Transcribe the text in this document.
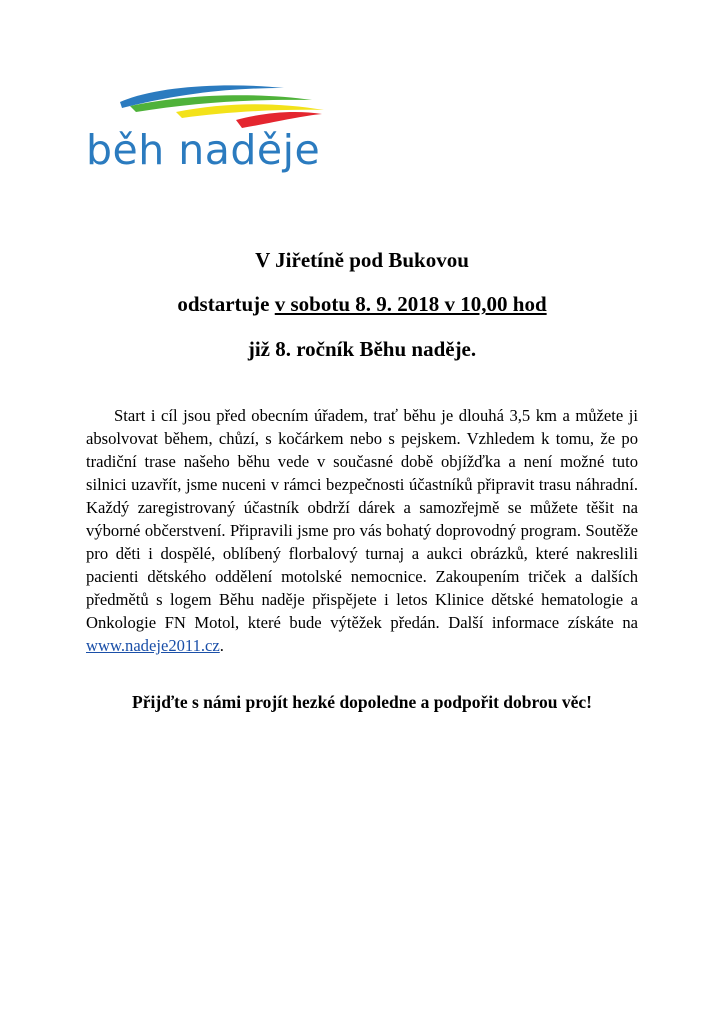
běh naděje
V Jiřetíně pod Bukovou
odstartuje v sobotu 8. 9. 2018 v 10,00 hod
již 8. ročník Běhu naděje.

Start i cíl jsou před obecním úřadem, trať běhu je dlouhá 3,5 km a můžete ji absolvovat během, chůzí, s kočárkem nebo s pejskem. Vzhledem k tomu, že po tradiční trase našeho běhu vede v současné době objížďka a není možné tuto silnici uzavřít, jsme nuceni v rámci bezpečnosti účastníků připravit trasu náhradní. Každý zaregistrovaný účastník obdrží dárek a samozřejmě se můžete těšit na výborné občerstvení. Připravili jsme pro vás bohatý doprovodný program. Soutěže pro děti i dospělé, oblíbený florbalový turnaj a aukci obrázků, které nakreslili pacienti dětského oddělení motolské nemocnice. Zakoupením triček a dalších předmětů s logem Běhu naděje přispějete i letos Klinice dětské hematologie a Onkologie FN Motol, které bude výtěžek předán. Další informace získáte na www.nadeje2011.cz.

Přijďte s námi projít hezké dopoledne a podpořit dobrou věc!
